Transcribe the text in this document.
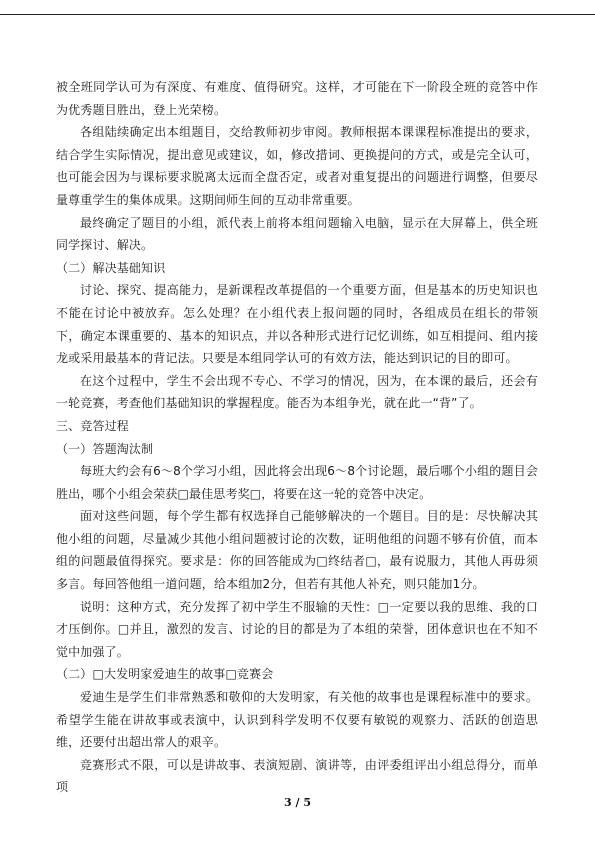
被全班同学认可为有深度、有难度、值得研究。这样，才可能在下一阶段全班的竞答中作为优秀题目胜出，登上光荣榜。

各组陆续确定出本组题目，交给教师初步审阅。教师根据本课课程标准提出的要求，结合学生实际情况，提出意见或建议，如，修改措词、更换提问的方式，或是完全认可，也可能会因为与课标要求脱离太远而全盘否定，或者对重复提出的问题进行调整，但要尽量尊重学生的集体成果。这期间师生间的互动非常重要。

最终确定了题目的小组，派代表上前将本组问题输入电脑，显示在大屏幕上，供全班同学探讨、解决。

（二）解决基础知识

讨论、探究、提高能力，是新课程改革提倡的一个重要方面，但是基本的历史知识也不能在讨论中被放弃。怎么处理？在小组代表上报问题的同时，各组成员在组长的带领下，确定本课重要的、基本的知识点，并以各种形式进行记忆训练，如互相提问、组内接龙或采用最基本的背记法。只要是本组同学认可的有效方法，能达到识记的目的即可。

在这个过程中，学生不会出现不专心、不学习的情况，因为，在本课的最后，还会有一轮竞赛，考查他们基础知识的掌握程度。能否为本组争光，就在此一“背”了。

三、竞答过程

（一）答题淘汰制

每班大约会有6～8个学习小组，因此将会出现6～8个讨论题，最后哪个小组的题目会胜出，哪个小组会荣获□最佳思考奖□，将要在这一轮的竞答中决定。

面对这些问题，每个学生都有权选择自己能够解决的一个题目。目的是：尽快解决其他小组的问题，尽量减少其他小组问题被讨论的次数，证明他组的问题不够有价值，而本组的问题最值得探究。要求是：你的回答能成为□终结者□，最有说服力，其他人再毋须多言。每回答他组一道问题，给本组加2分，但若有其他人补充，则只能加1分。

说明：这种方式，充分发挥了初中学生不服输的天性：□一定要以我的思维、我的口才压倒你。□并且，激烈的发言、讨论的目的都是为了本组的荣誉，团体意识也在不知不觉中加强了。

（二）□大发明家爱迪生的故事□竞赛会

爱迪生是学生们非常熟悉和敬仰的大发明家，有关他的故事也是课程标准中的要求。希望学生能在讲故事或表演中，认识到科学发明不仅要有敏锐的观察力、活跃的创造思维，还要付出超出常人的艰辛。

竞赛形式不限，可以是讲故事、表演短剧、演讲等，由评委组评出小组总得分，而单项

3 / 5
